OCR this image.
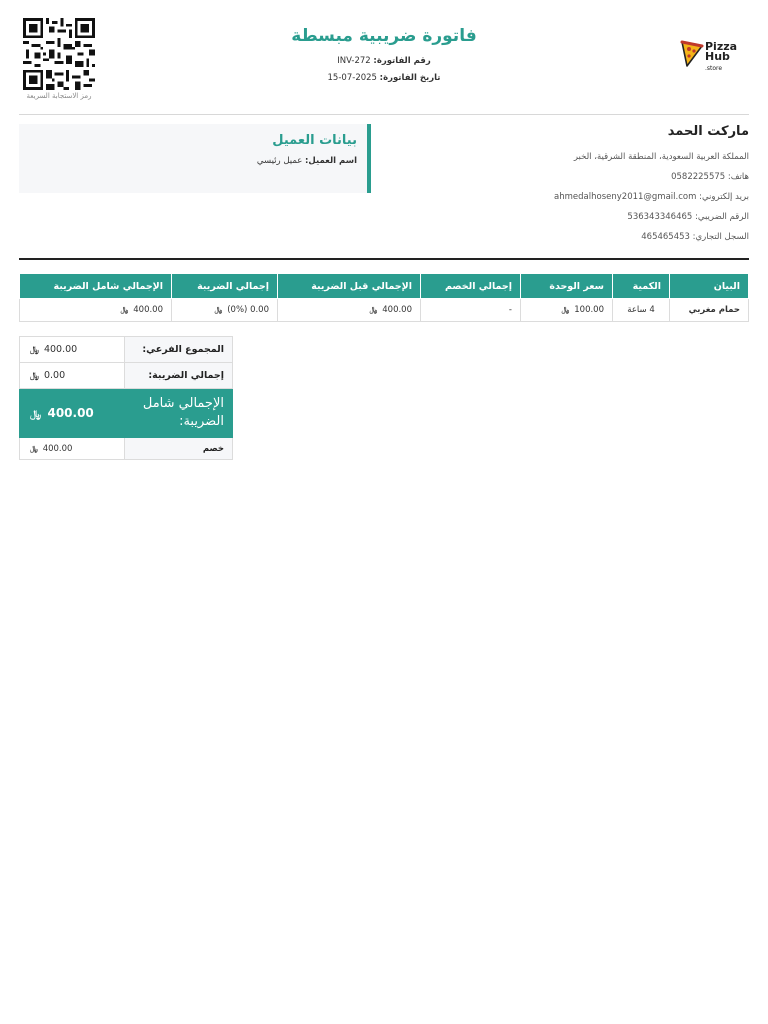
رمز الاستجابة السريعة
فاتورة ضريبية مبسطة
رقم الفاتورة: INV-272
تاريخ الفاتورة: 2025-07-15
Pizza
Hub
.store
ماركت الحمد
المملكة العربية السعودية، المنطقة الشرقية، الخبر
هاتف: 0582225575
بريد إلكتروني: ahmedalhoseny2011@gmail.com
الرقم الضريبي: 536343346465
السجل التجاري: 465465453
بيانات العميل
اسم العميل: عميل رئيسي
البيان	الكمية	سعر الوحدة	إجمالي الخصم	الإجمالي قبل الضريبة	إجمالي الضريبة	الإجمالي شامل الضريبة
حمام مغربي	4 ساعة	100.00 ﷼	-	400.00 ﷼	0.00 (0%) ﷼	400.00 ﷼
المجموع الفرعي:	﷼ 400.00
إجمالي الضريبة:	﷼ 0.00
الإجمالي شامل الضريبة:	﷼ 400.00
خصم	﷼ 400.00
